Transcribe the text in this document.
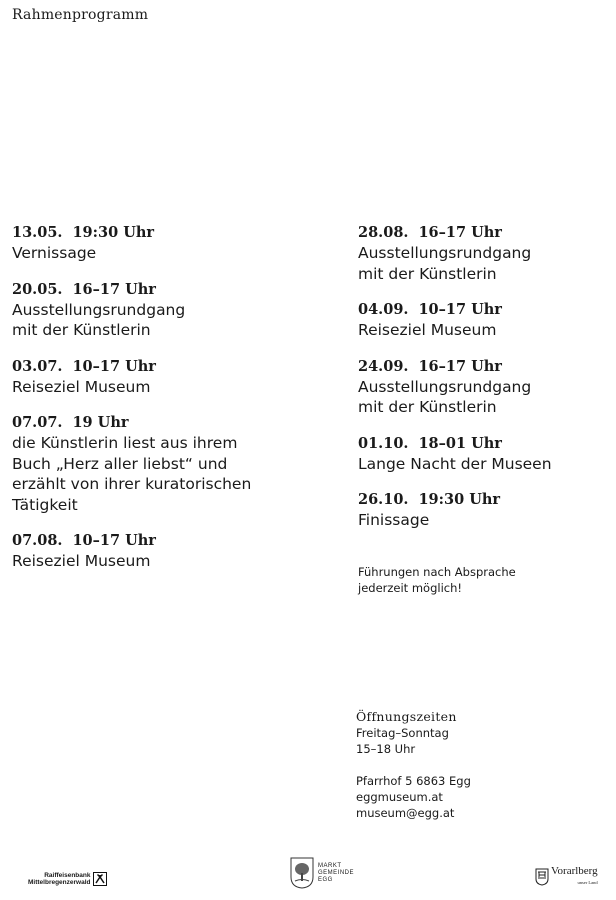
Rahmenprogramm
13.05. 19:30 Uhr
Vernissage
20.05. 16–17 Uhr
Ausstellungsrundgang
mit der Künstlerin
03.07. 10–17 Uhr
Reiseziel Museum
07.07. 19 Uhr
die Künstlerin liest aus ihrem
Buch „Herz aller liebst“ und
erzählt von ihrer kuratorischen
Tätigkeit
07.08. 10–17 Uhr
Reiseziel Museum
28.08. 16–17 Uhr
Ausstellungsrundgang
mit der Künstlerin
04.09. 10–17 Uhr
Reiseziel Museum
24.09. 16–17 Uhr
Ausstellungsrundgang
mit der Künstlerin
01.10. 18–01 Uhr
Lange Nacht der Museen
26.10. 19:30 Uhr
Finissage
Führungen nach Absprache
jederzeit möglich!
Öffnungszeiten
Freitag–Sonntag
15–18 Uhr
Pfarrhof 5 6863 Egg
eggmuseum.at
museum@egg.at
Raiffeisenbank
Mittelbregenzerwald
MARKT
GEMEINDE
EGG
Vorarlberg
unser Land
